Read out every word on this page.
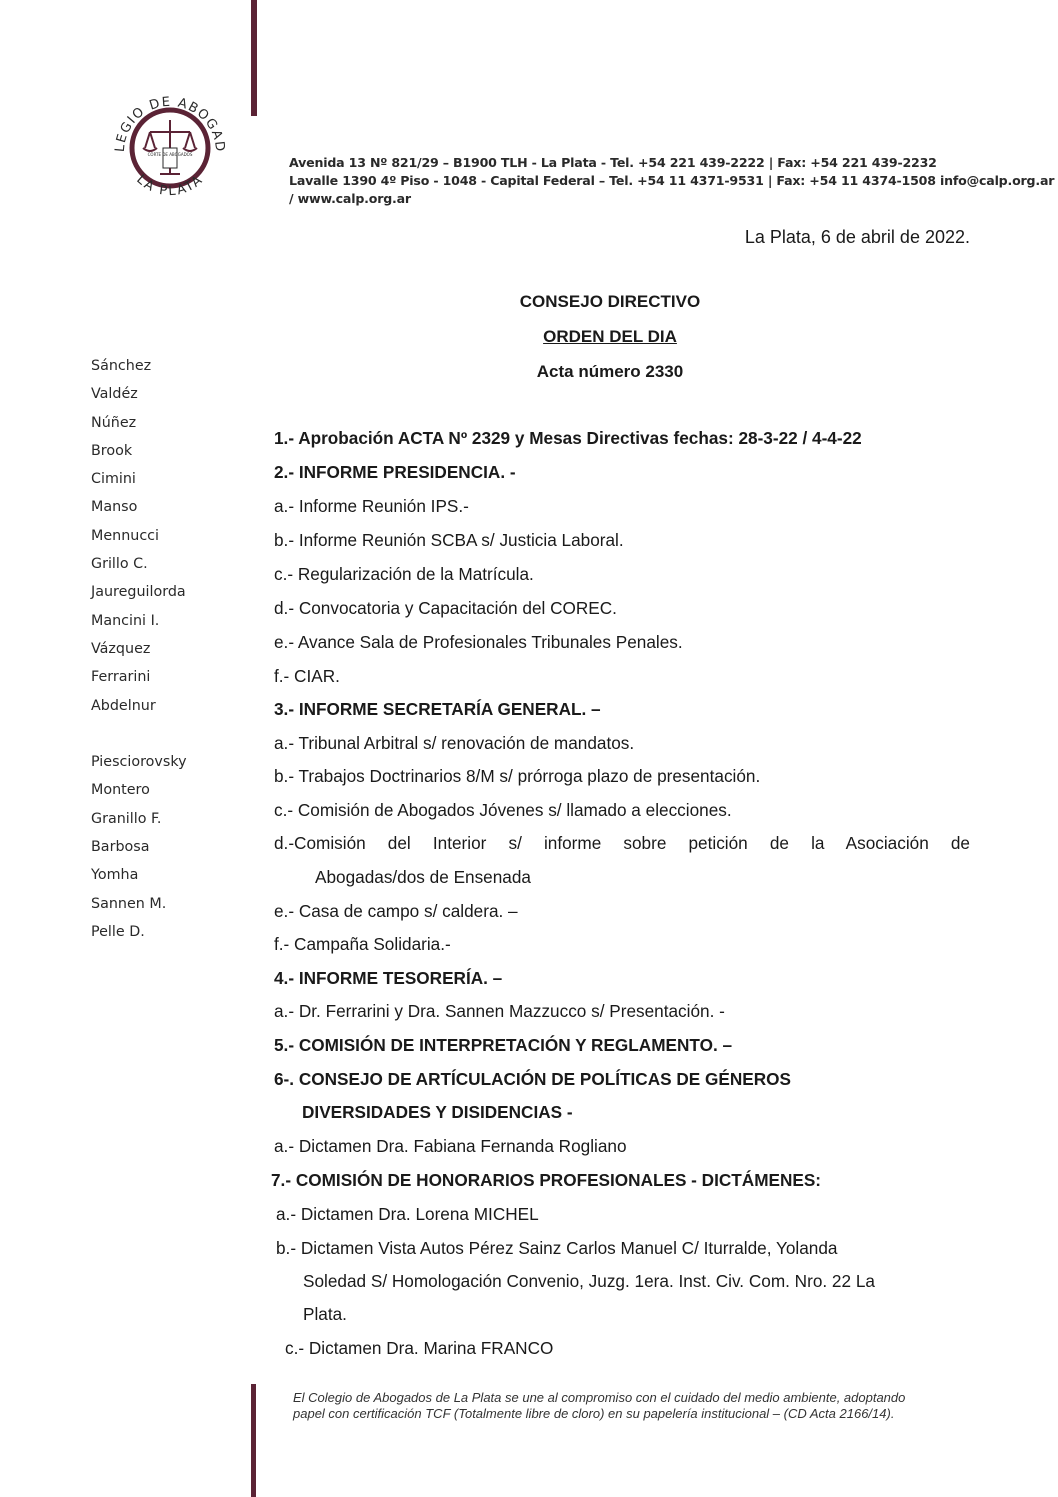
LEGIO DE ABOGAD
LA PLATA
CORTE DE ABOGADOS
Avenida 13 Nº 821/29 – B1900 TLH - La Plata - Tel. +54 221 439-2222 | Fax: +54 221 439-2232
Lavalle 1390 4º Piso - 1048 - Capital Federal – Tel. +54 11 4371-9531 | Fax: +54 11 4374-1508 info@calp.org.ar
/ www.calp.org.ar
La Plata, 6 de abril de 2022.
CONSEJO DIRECTIVO
ORDEN DEL DIA
Acta número 2330
Sánchez
Valdéz
Núñez
Brook
Cimini
Manso
Mennucci
Grillo C.
Jaureguilorda
Mancini I.
Vázquez
Ferrarini
Abdelnur
Piesciorovsky
Montero
Granillo F.
Barbosa
Yomha
Sannen M.
Pelle D.
1.- Aprobación ACTA Nº 2329 y Mesas Directivas fechas: 28-3-22 / 4-4-22
2.- INFORME PRESIDENCIA. -
a.- Informe Reunión IPS.-
b.- Informe Reunión SCBA s/ Justicia Laboral.
c.- Regularización de la Matrícula.
d.- Convocatoria y Capacitación del COREC.
e.- Avance Sala de Profesionales Tribunales Penales.
f.- CIAR.
3.- INFORME SECRETARÍA GENERAL. –
a.- Tribunal Arbitral s/ renovación de mandatos.
b.- Trabajos Doctrinarios 8/M s/ prórroga plazo de presentación.
c.- Comisión de Abogados Jóvenes s/ llamado a elecciones.
d.-Comisión del Interior s/ informe sobre petición de la Asociación de
Abogadas/dos de Ensenada
e.- Casa de campo s/ caldera. –
f.- Campaña Solidaria.-
4.- INFORME TESORERÍA. –
a.- Dr. Ferrarini y Dra. Sannen Mazzucco s/ Presentación. -
5.- COMISIÓN DE INTERPRETACIÓN Y REGLAMENTO. –
6-. CONSEJO DE ARTÍCULACIÓN DE POLÍTICAS DE GÉNEROS
DIVERSIDADES Y DISIDENCIAS -
a.- Dictamen Dra. Fabiana Fernanda Rogliano
7.- COMISIÓN DE HONORARIOS PROFESIONALES - DICTÁMENES:
a.- Dictamen Dra. Lorena MICHEL
b.- Dictamen Vista Autos Pérez Sainz Carlos Manuel C/ Iturralde, Yolanda
Soledad S/ Homologación Convenio, Juzg. 1era. Inst. Civ. Com. Nro. 22 La
Plata.
c.- Dictamen Dra. Marina FRANCO
El Colegio de Abogados de La Plata se une al compromiso con el cuidado del medio ambiente, adoptando
papel con certificación TCF (Totalmente libre de cloro) en su papelería institucional – (CD Acta 2166/14).
